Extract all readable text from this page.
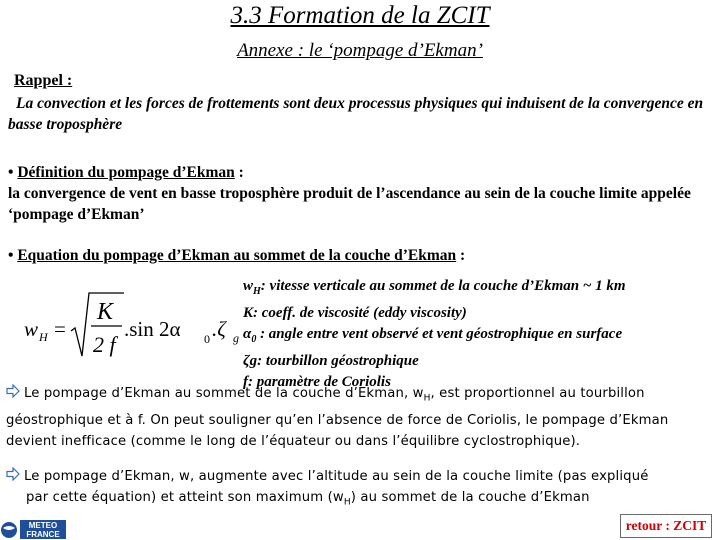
3.3 Formation de la ZCIT
Annexe : le ‘pompage d’Ekman’
Rappel :
La convection et les forces de frottements sont deux processus physiques qui induisent de la convergence en basse troposphère
• Définition du pompage d’Ekman :
la convergence de vent en basse troposphère produit de l’ascendance au sein de la couche limite appelée ‘pompage d’Ekman’
• Equation du pompage d’Ekman au sommet de la couche d’Ekman :
w H =
K
2 f
.sin 2α 0 .ζ g
$w_H$: vitesse verticale au sommet de la couche d’Ekman ~ 1 km
K: coeff. de viscosité (eddy viscosity)
$\alpha_0$ : angle entre vent observé et vent géostrophique en surface
ζg: tourbillon géostrophique
f: paramètre de Coriolis
Le pompage d’Ekman au sommet de la couche d’Ekman, $w_H$, est proportionnel au tourbillon géostrophique et à f. On peut souligner qu’en l’absence de force de Coriolis, le pompage d’Ekman devient inefficace (comme le long de l’équateur ou dans l’équilibre cyclostrophique).
Le pompage d’Ekman, w, augmente avec l’altitude au sein de la couche limite (pas expliqué
par cette équation) et atteint son maximum $(w_H)$ au sommet de la couche d’Ekman
METEO
FRANCE
retour : ZCIT
